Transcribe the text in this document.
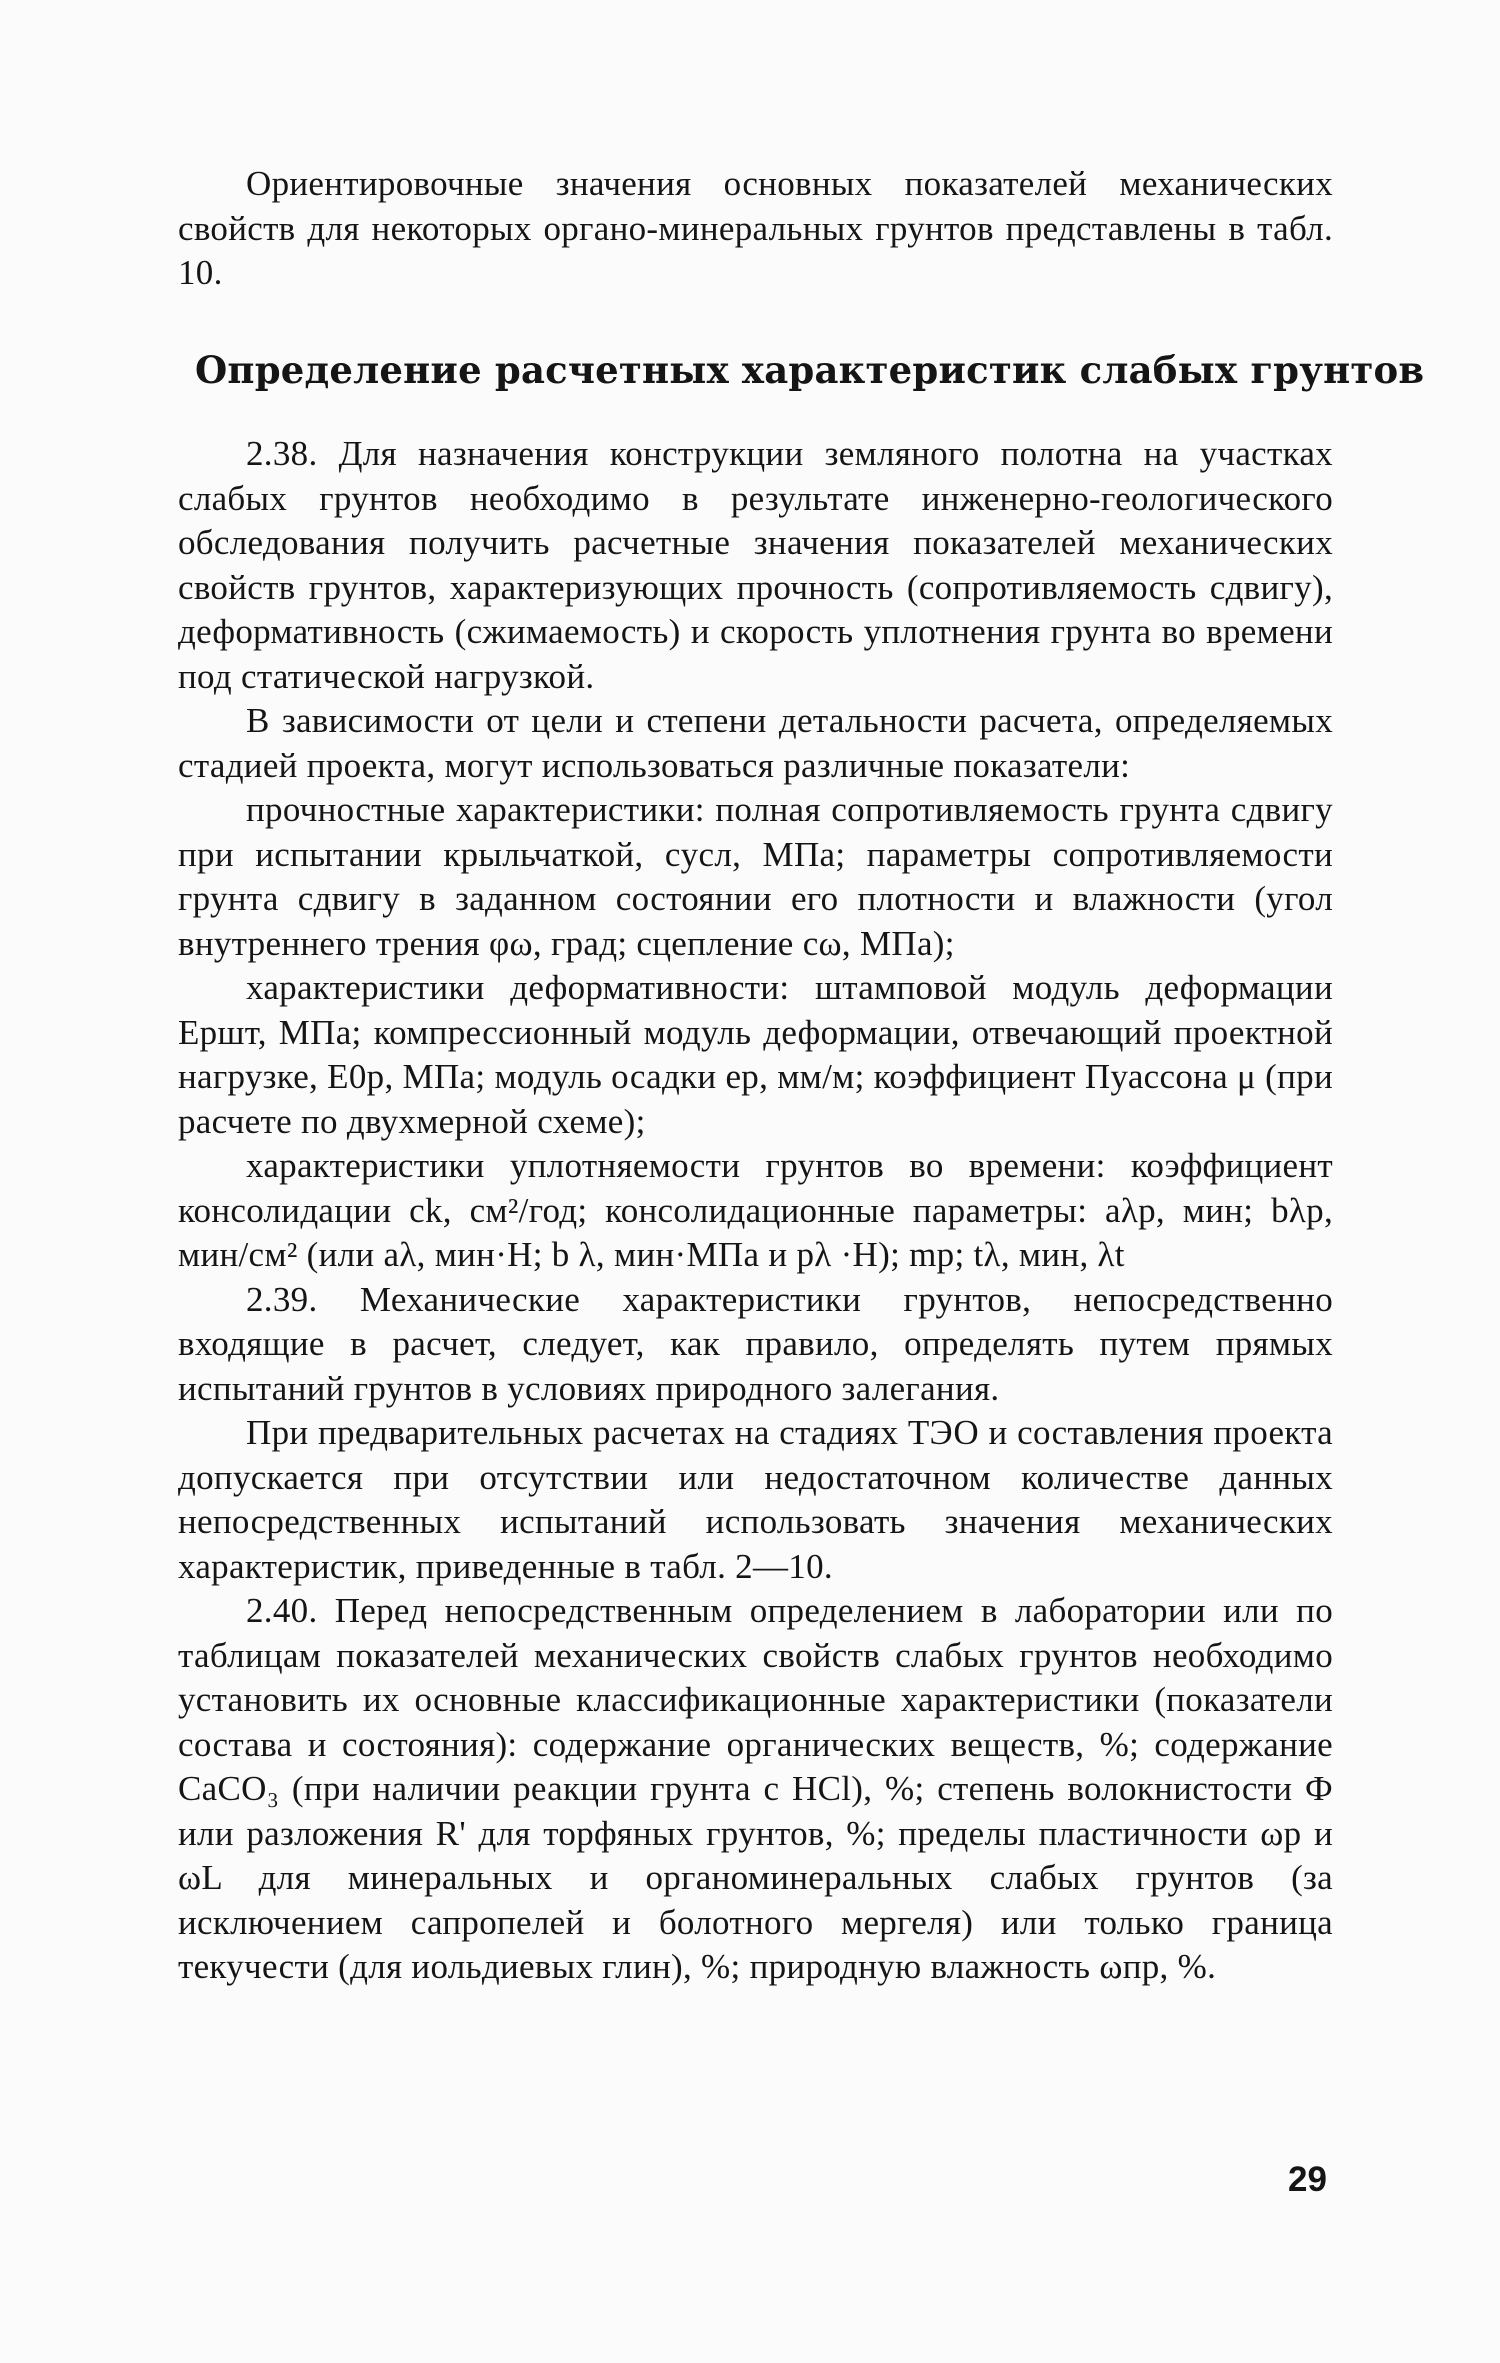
Ориентировочные значения основных показателей механических свойств для некоторых органо-минеральных грунтов представлены в табл. 10.

Определение расчетных характеристик слабых грунтов

2.38. Для назначения конструкции земляного полотна на участках слабых грунтов необходимо в результате инженерно-геологического обследования получить расчетные значения показателей механических свойств грунтов, характеризующих прочность (сопротивляемость сдвигу), деформативность (сжимаемость) и скорость уплотнения грунта во времени под статической нагрузкой.

В зависимости от цели и степени детальности расчета, определяемых стадией проекта, могут использоваться различные показатели:

прочностные характеристики: полная сопротивляемость грунта сдвигу при испытании крыльчаткой, cусл, МПа; параметры сопротивляемости грунта сдвигу в заданном состоянии его плотности и влажности (угол внутреннего трения φω, град; сцепление cω, МПа);

характеристики деформативности: штамповой модуль деформации Eршт, МПа; компрессионный модуль деформации, отвечающий проектной нагрузке, E0р, МПа; модуль осадки ep, мм/м; коэффициент Пуассона μ (при расчете по двухмерной схеме);

характеристики уплотняемости грунтов во времени: коэффициент консолидации ck, см²/год; консолидационные параметры: aλp, мин; bλp, мин/см² (или aλ, мин·Н; b λ, мин·МПа и pλ ·Н); mp; tλ, мин, λt

2.39. Механические характеристики грунтов, непосредственно входящие в расчет, следует, как правило, определять путем прямых испытаний грунтов в условиях природного залегания.

При предварительных расчетах на стадиях ТЭО и составления проекта допускается при отсутствии или недостаточном количестве данных непосредственных испытаний использовать значения механических характеристик, приведенные в табл. 2—10.

2.40. Перед непосредственным определением в лаборатории или по таблицам показателей механических свойств слабых грунтов необходимо установить их основные классификационные характеристики (показатели состава и состояния): содержание органических веществ, %; содержание CaCO₃ (при наличии реакции грунта с HCl), %; степень волокнистости Ф или разложения R' для торфяных грунтов, %; пределы пластичности ωp и ωL для минеральных и органоминеральных слабых грунтов (за исключением сапропелей и болотного мергеля) или только граница текучести (для иольдиевых глин), %; природную влажность ωпр, %.

29
